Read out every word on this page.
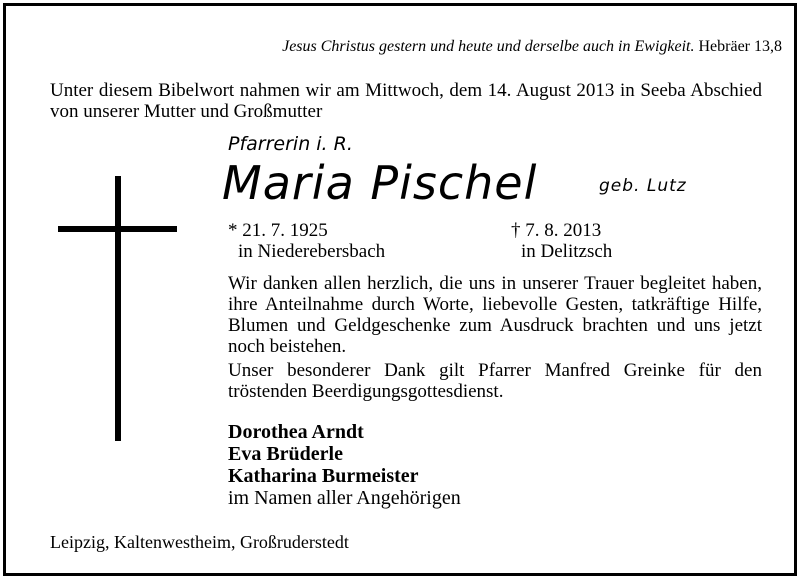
Jesus Christus gestern und heute und derselbe auch in Ewigkeit. Hebräer 13,8
Unter diesem Bibelwort nahmen wir am Mittwoch, dem 14. August 2013 in Seeba Abschied von unserer Mutter und Großmutter
Pfarrerin i. R.
Maria Pischel	geb. Lutz
* 21. 7. 1925
in Niederebersbach
† 7. 8. 2013
in Delitzsch
Wir danken allen herzlich, die uns in unserer Trauer begleitet haben, ihre Anteilnahme durch Worte, liebevolle Gesten, tatkräftige Hilfe, Blumen und Geldgeschenke zum Ausdruck brachten und uns jetzt noch beistehen.
Unser besonderer Dank gilt Pfarrer Manfred Greinke für den tröstenden Beerdigungsgottesdienst.
Dorothea Arndt
Eva Brüderle
Katharina Burmeister
im Namen aller Angehörigen
Leipzig, Kaltenwestheim, Großruderstedt
